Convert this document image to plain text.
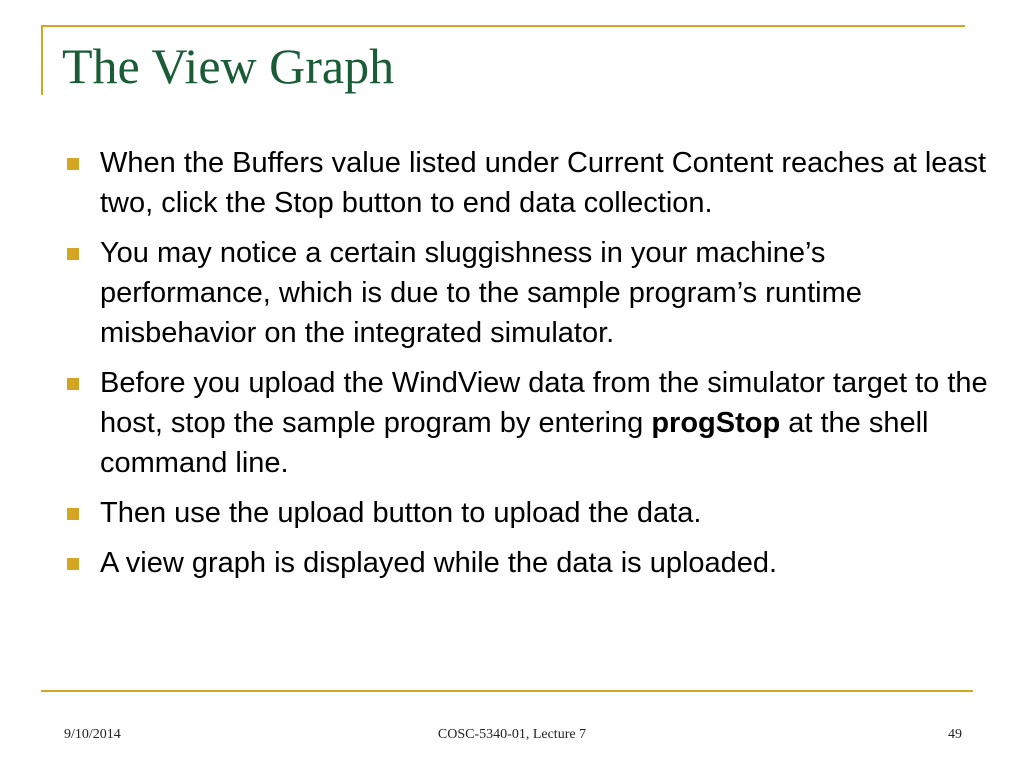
The View Graph
When the Buffers value listed under Current Content reaches at least two, click the Stop button to end data collection.
You may notice a certain sluggishness in your machine’s performance, which is due to the sample program’s runtime misbehavior on the integrated simulator.
Before you upload the WindView data from the simulator target to the host, stop the sample program by entering progStop at the shell command line.
Then use the upload button to upload the data.
A view graph is displayed while the data is uploaded.
9/10/2014	COSC-5340-01, Lecture 7	49
